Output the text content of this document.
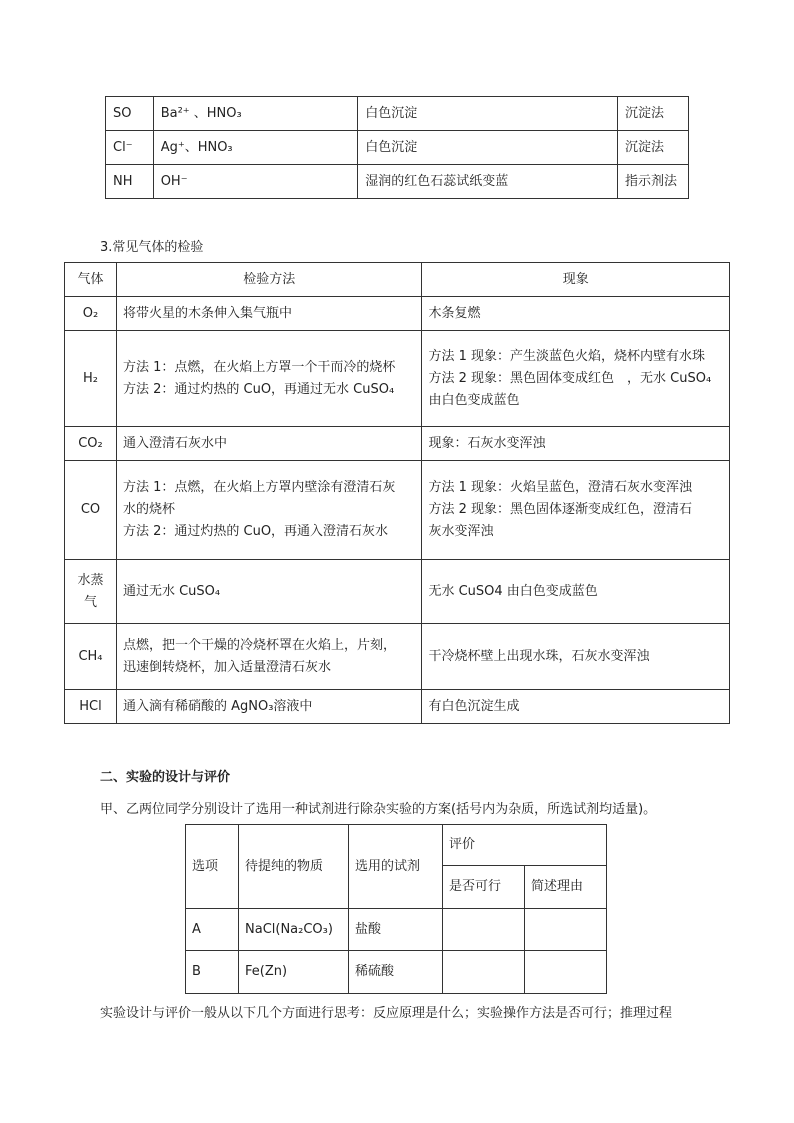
SO	Ba²⁺ 、HNO₃	白色沉淀	沉淀法
Cl⁻	Ag⁺、HNO₃	白色沉淀	沉淀法
NH	OH⁻	湿润的红色石蕊试纸变蓝	指示剂法
3.常见气体的检验
气体	检验方法	现象
O₂	将带火星的木条伸入集气瓶中	木条复燃

H₂	方法 1：点燃，在火焰上方罩一个干而冷的烧杯
方法 2：通过灼热的 CuO，再通过无水 CuSO₄	方法 1 现象：产生淡蓝色火焰，烧杯内壁有水珠
方法 2 现象：黑色固体变成红色　，无水 CuSO₄
由白色变成蓝色

CO₂	通入澄清石灰水中	现象：石灰水变浑浊

CO	方法 1：点燃，在火焰上方罩内壁涂有澄清石灰
水的烧杯
方法 2：通过灼热的 CuO，再通入澄清石灰水	方法 1 现象：火焰呈蓝色，澄清石灰水变浑浊
方法 2 现象：黑色固体逐渐变成红色，澄清石
灰水变浑浊

水蒸气	通过无水 CuSO₄	无水 CuSO4 由白色变成蓝色

CH₄	点燃，把一个干燥的冷烧杯罩在火焰上，片刻，
迅速倒转烧杯，加入适量澄清石灰水	干冷烧杯壁上出现水珠，石灰水变浑浊

HCl	通入滴有稀硝酸的 AgNO₃溶液中	有白色沉淀生成
二、实验的设计与评价
甲、乙两位同学分别设计了选用一种试剂进行除杂实验的方案(括号内为杂质，所选试剂均适量)。
选项	待提纯的物质	选用的试剂	评价	
			是否可行	简述理由
A	NaCl(Na₂CO₃)	盐酸		
B	Fe(Zn)	稀硫酸		
实验设计与评价一般从以下几个方面进行思考：反应原理是什么；实验操作方法是否可行；推理过程
